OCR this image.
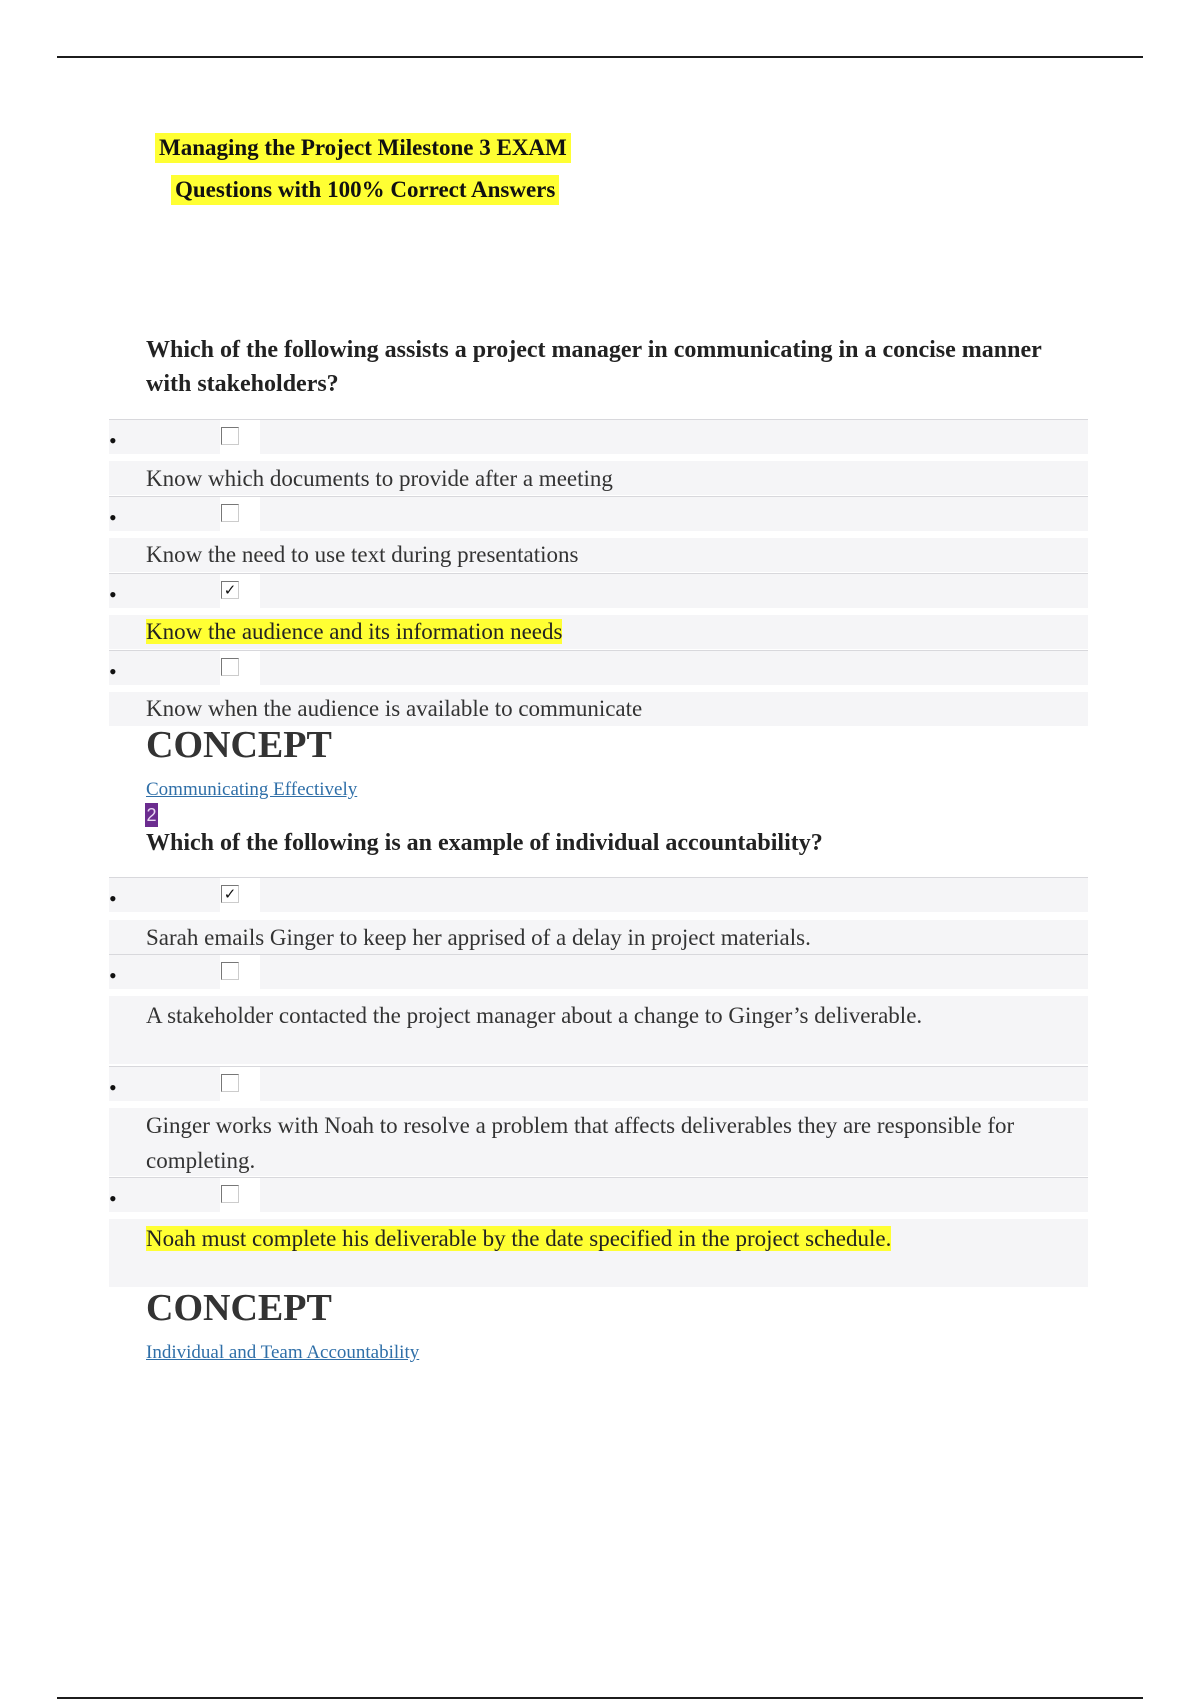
Managing the Project Milestone 3 EXAM
Questions with 100% Correct Answers
Which of the following assists a project manager in communicating in a concise manner with stakeholders?
•
Know which documents to provide after a meeting
•
Know the need to use text during presentations
•	✓
Know the audience and its information needs
•
Know when the audience is available to communicate
CONCEPT
Communicating Effectively
2
Which of the following is an example of individual accountability?
•	✓
Sarah emails Ginger to keep her apprised of a delay in project materials.
•
A stakeholder contacted the project manager about a change to Ginger’s deliverable.
•
Ginger works with Noah to resolve a problem that affects deliverables they are responsible for completing.
•
Noah must complete his deliverable by the date specified in the project schedule.
CONCEPT
Individual and Team Accountability
